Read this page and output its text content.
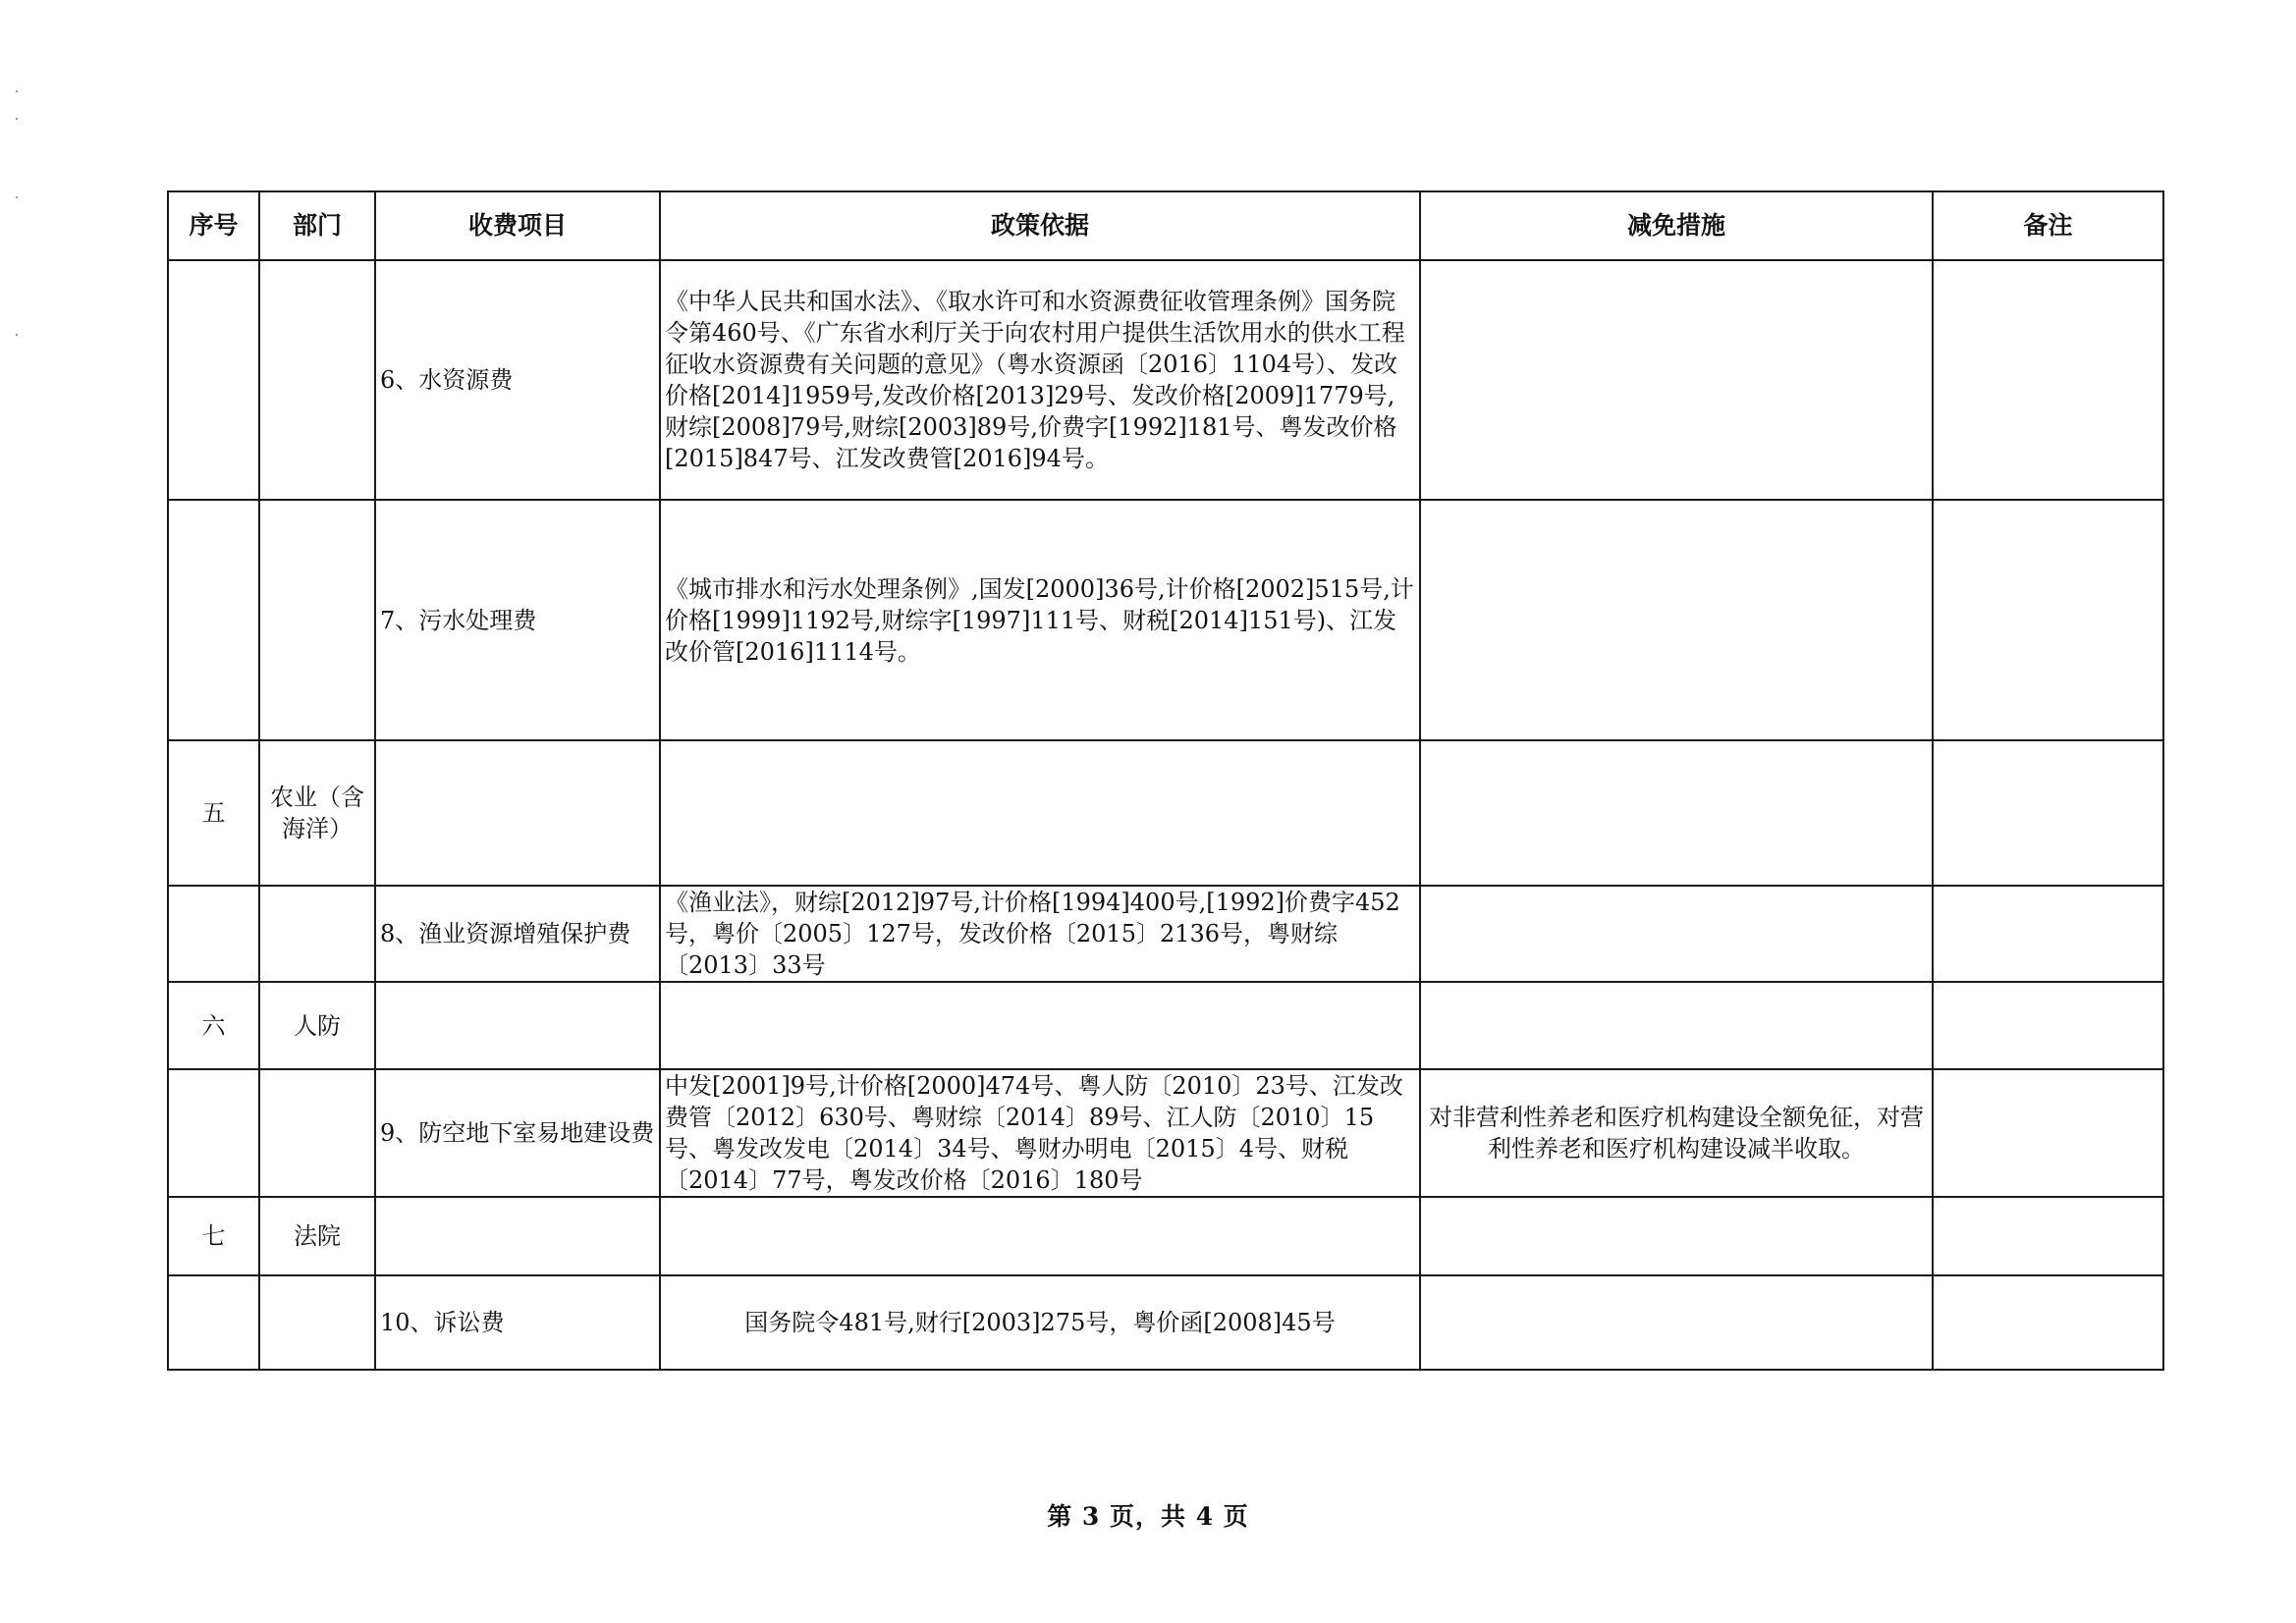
序号	部门	收费项目	政策依据	减免措施	备注
		6、水资源费	《中华人民共和国水法》、《取水许可和水资源费征收管理条例》国务院令第460号、《广东省水利厅关于向农村用户提供生活饮用水的供水工程征收水资源费有关问题的意见》（粤水资源函〔2016〕1104号）、发改价格[2014]1959号,发改价格[2013]29号、发改价格[2009]1779号,财综[2008]79号,财综[2003]89号,价费字[1992]181号、粤发改价格[2015]847号、江发改费管[2016]94号。		
		7、污水处理费	《城市排水和污水处理条例》,国发[2000]36号,计价格[2002]515号,计价格[1999]1192号,财综字[1997]111号、财税[2014]151号)、江发改价管[2016]1114号。		
五	农业（含海洋）				
		8、渔业资源增殖保护费	《渔业法》，财综[2012]97号,计价格[1994]400号,[1992]价费字452号，粤价〔2005〕127号，发改价格〔2015〕2136号，粤财综〔2013〕33号		
六	人防				
		9、防空地下室易地建设费	中发[2001]9号,计价格[2000]474号、粤人防〔2010〕23号、江发改费管〔2012〕630号、粤财综〔2014〕89号、江人防〔2010〕15号、粤发改发电〔2014〕34号、粤财办明电〔2015〕4号、财税〔2014〕77号，粤发改价格〔2016〕180号	对非营利性养老和医疗机构建设全额免征，对营利性养老和医疗机构建设减半收取。	
七	法院				
		10、诉讼费	国务院令481号,财行[2003]275号，粤价函[2008]45号		
第 3 页，共 4 页
